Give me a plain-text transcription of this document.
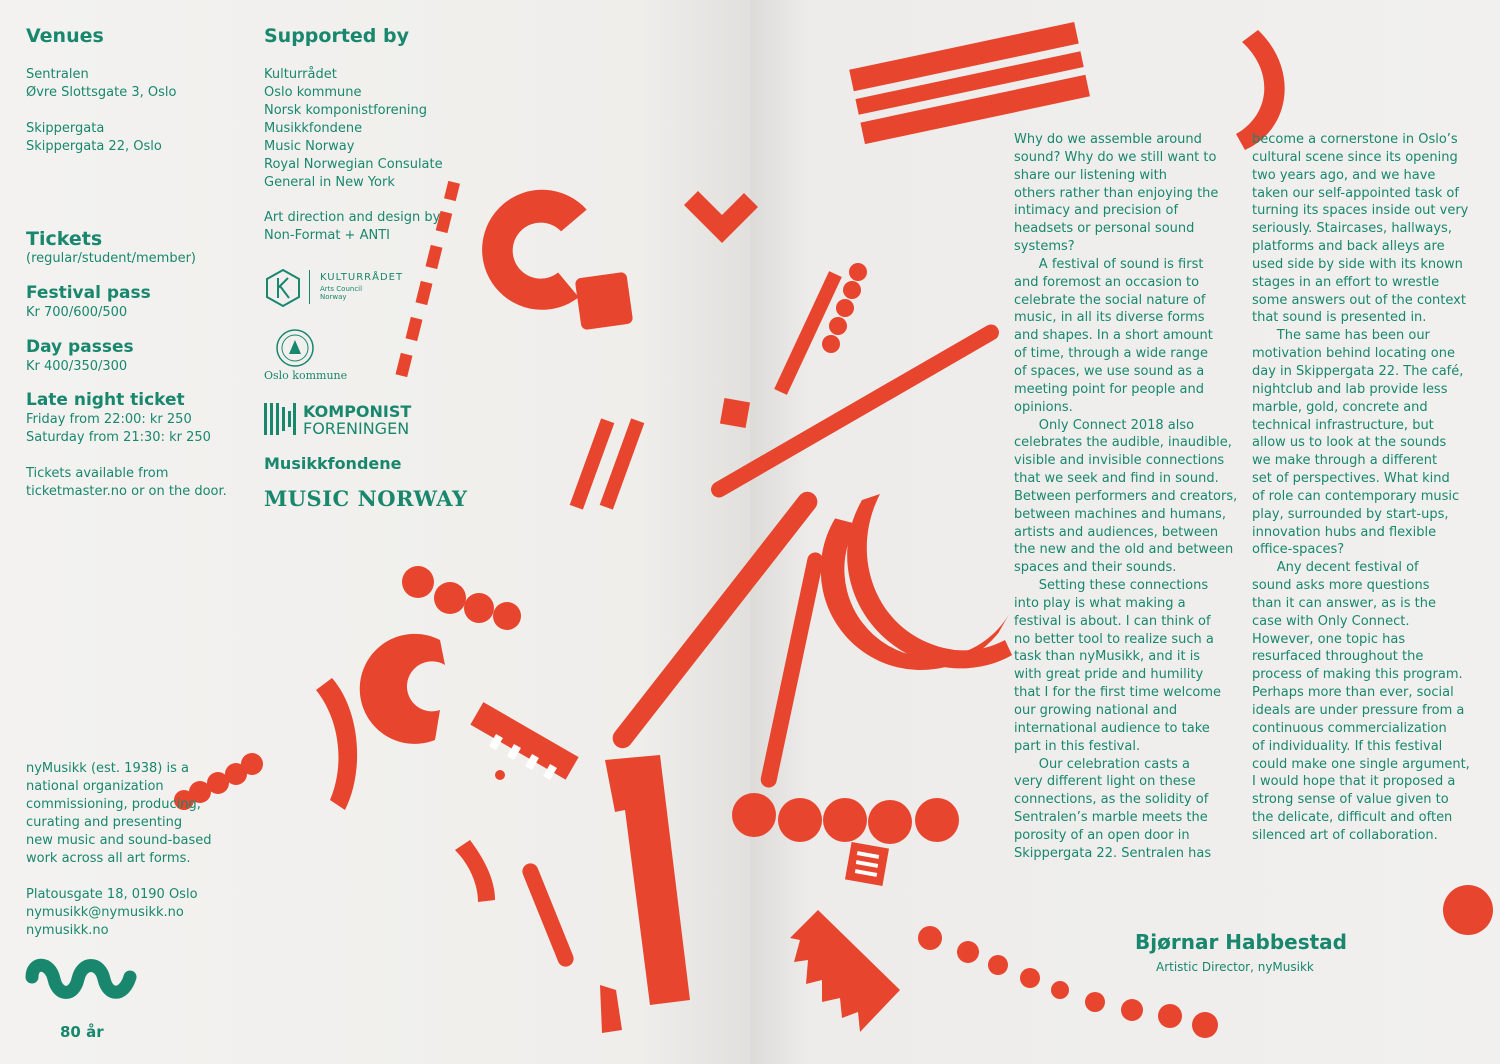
Venues
Sentralen
Øvre Slottsgate 3, Oslo
Skippergata
Skippergata 22, Oslo
Tickets
(regular/student/member)
Festival pass
Kr 700/600/500
Day passes
Kr 400/350/300
Late night ticket
Friday from 22:00: kr 250
Saturday from 21:30: kr 250
Tickets available from
ticketmaster.no or on the door.
Supported by
Kulturrådet
Oslo kommune
Norsk komponistforening
Musikkfondene
Music Norway
Royal Norwegian Consulate
General in New York
Art direction and design by
Non-Format + ANTI
KULTURRÅDET
Arts Council
Norway
Oslo kommune
KOMPONIST
FORENINGEN
Musikkfondene
MUSIC NORWAY
nyMusikk (est. 1938) is a
national organization
commissioning, producing,
curating and presenting
new music and sound-based
work across all art forms.
Platousgate 18, 0190 Oslo
nymusikk@nymusikk.no
nymusikk.no
80 år
Why do we assemble around
sound? Why do we still want to
share our listening with
others rather than enjoying the
intimacy and precision of
headsets or personal sound
systems?
A festival of sound is first
and foremost an occasion to
celebrate the social nature of
music, in all its diverse forms
and shapes. In a short amount
of time, through a wide range
of spaces, we use sound as a
meeting point for people and
opinions.
Only Connect 2018 also
celebrates the audible, inaudible,
visible and invisible connections
that we seek and find in sound.
Between performers and creators,
between machines and humans,
artists and audiences, between
the new and the old and between
spaces and their sounds.
Setting these connections
into play is what making a
festival is about. I can think of
no better tool to realize such a
task than nyMusikk, and it is
with great pride and humility
that I for the first time welcome
our growing national and
international audience to take
part in this festival.
Our celebration casts a
very different light on these
connections, as the solidity of
Sentralen’s marble meets the
porosity of an open door in
Skippergata 22. Sentralen has
become a cornerstone in Oslo’s
cultural scene since its opening
two years ago, and we have
taken our self-appointed task of
turning its spaces inside out very
seriously. Staircases, hallways,
platforms and back alleys are
used side by side with its known
stages in an effort to wrestle
some answers out of the context
that sound is presented in.
The same has been our
motivation behind locating one
day in Skippergata 22. The café,
nightclub and lab provide less
marble, gold, concrete and
technical infrastructure, but
allow us to look at the sounds
we make through a different
set of perspectives. What kind
of role can contemporary music
play, surrounded by start-ups,
innovation hubs and flexible
office-spaces?
Any decent festival of
sound asks more questions
than it can answer, as is the
case with Only Connect.
However, one topic has
resurfaced throughout the
process of making this program.
Perhaps more than ever, social
ideals are under pressure from a
continuous commercialization
of individuality. If this festival
could make one single argument,
I would hope that it proposed a
strong sense of value given to
the delicate, difficult and often
silenced art of collaboration.
Bjørnar Habbestad
Artistic Director, nyMusikk
